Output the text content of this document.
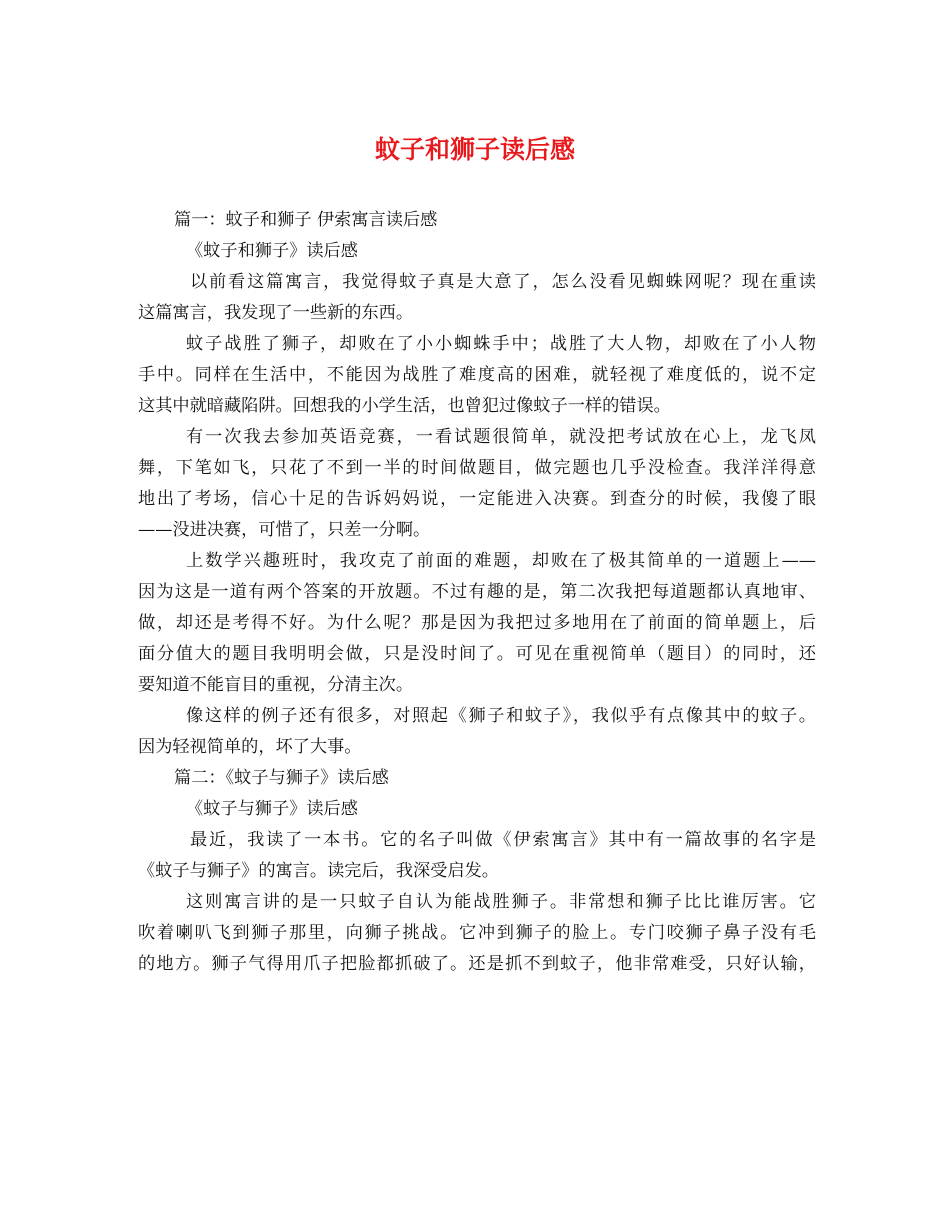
蚊子和狮子读后感
篇一：蚊子和狮子 伊索寓言读后感
《蚊子和狮子》读后感
以前看这篇寓言，我觉得蚊子真是大意了，怎么没看见蜘蛛网呢？现在重读
这篇寓言，我发现了一些新的东西。
蚊子战胜了狮子，却败在了小小蜘蛛手中；战胜了大人物，却败在了小人物
手中。同样在生活中，不能因为战胜了难度高的困难，就轻视了难度低的，说不定
这其中就暗藏陷阱。回想我的小学生活，也曾犯过像蚊子一样的错误。
有一次我去参加英语竞赛，一看试题很简单，就没把考试放在心上，龙飞凤
舞，下笔如飞，只花了不到一半的时间做题目，做完题也几乎没检查。我洋洋得意
地出了考场，信心十足的告诉妈妈说，一定能进入决赛。到查分的时候，我傻了眼
——没进决赛，可惜了，只差一分啊。
上数学兴趣班时，我攻克了前面的难题，却败在了极其简单的一道题上——
因为这是一道有两个答案的开放题。不过有趣的是，第二次我把每道题都认真地审、
做，却还是考得不好。为什么呢？那是因为我把过多地用在了前面的简单题上，后
面分值大的题目我明明会做，只是没时间了。可见在重视简单（题目）的同时，还
要知道不能盲目的重视，分清主次。
像这样的例子还有很多，对照起《狮子和蚊子》，我似乎有点像其中的蚊子。
因为轻视简单的，坏了大事。
篇二：《蚊子与狮子》读后感
《蚊子与狮子》读后感
最近，我读了一本书。它的名子叫做《伊索寓言》其中有一篇故事的名字是
《蚊子与狮子》的寓言。读完后，我深受启发。
这则寓言讲的是一只蚊子自认为能战胜狮子。非常想和狮子比比谁厉害。它
吹着喇叭飞到狮子那里，向狮子挑战。它冲到狮子的脸上。专门咬狮子鼻子没有毛
的地方。狮子气得用爪子把脸都抓破了。还是抓不到蚊子，他非常难受，只好认输，
